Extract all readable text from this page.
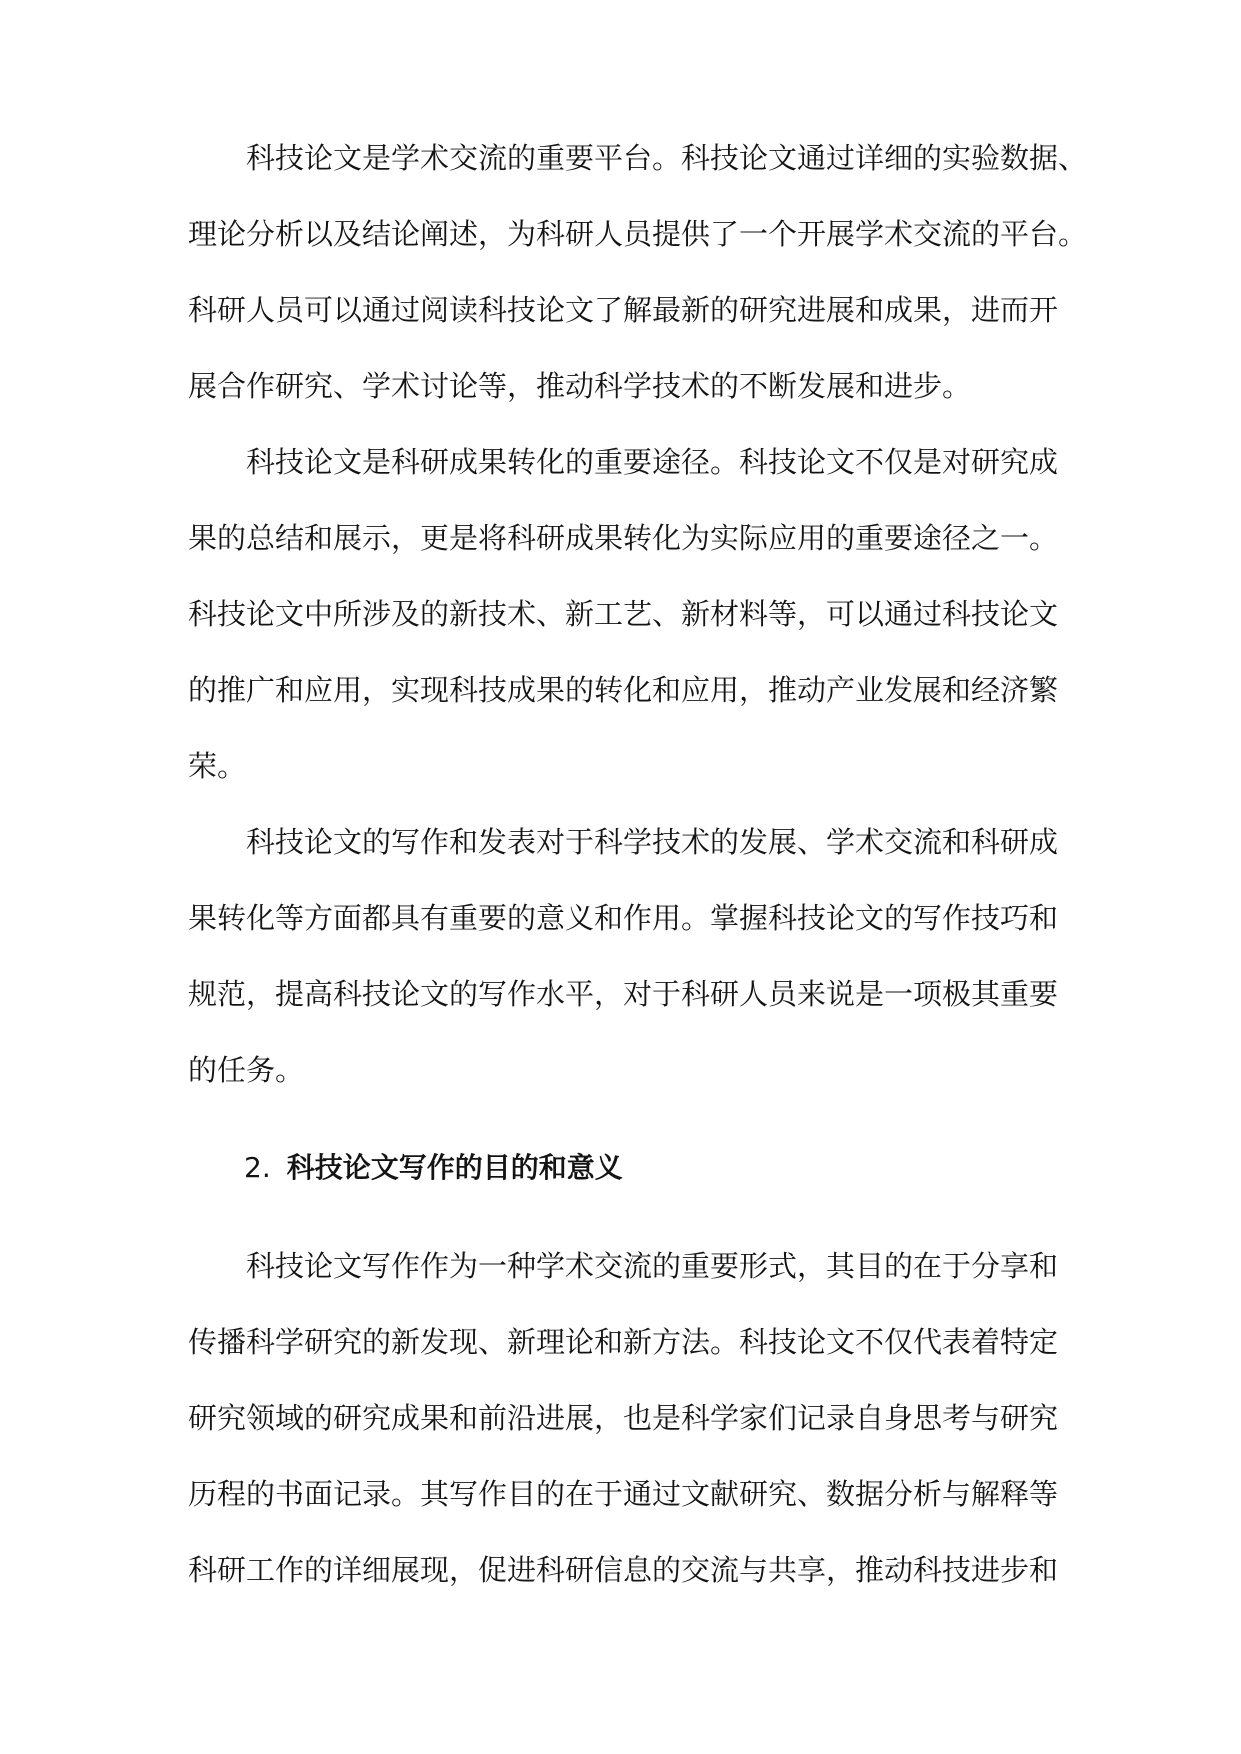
科技论文是学术交流的重要平台。科技论文通过详细的实验数据、
理论分析以及结论阐述，为科研人员提供了一个开展学术交流的平台。
科研人员可以通过阅读科技论文了解最新的研究进展和成果，进而开
展合作研究、学术讨论等，推动科学技术的不断发展和进步。
科技论文是科研成果转化的重要途径。科技论文不仅是对研究成
果的总结和展示，更是将科研成果转化为实际应用的重要途径之一。
科技论文中所涉及的新技术、新工艺、新材料等，可以通过科技论文
的推广和应用，实现科技成果的转化和应用，推动产业发展和经济繁
荣。
科技论文的写作和发表对于科学技术的发展、学术交流和科研成
果转化等方面都具有重要的意义和作用。掌握科技论文的写作技巧和
规范，提高科技论文的写作水平，对于科研人员来说是一项极其重要
的任务。
2. 科技论文写作的目的和意义
科技论文写作作为一种学术交流的重要形式，其目的在于分享和
传播科学研究的新发现、新理论和新方法。科技论文不仅代表着特定
研究领域的研究成果和前沿进展，也是科学家们记录自身思考与研究
历程的书面记录。其写作目的在于通过文献研究、数据分析与解释等
科研工作的详细展现，促进科研信息的交流与共享，推动科技进步和
